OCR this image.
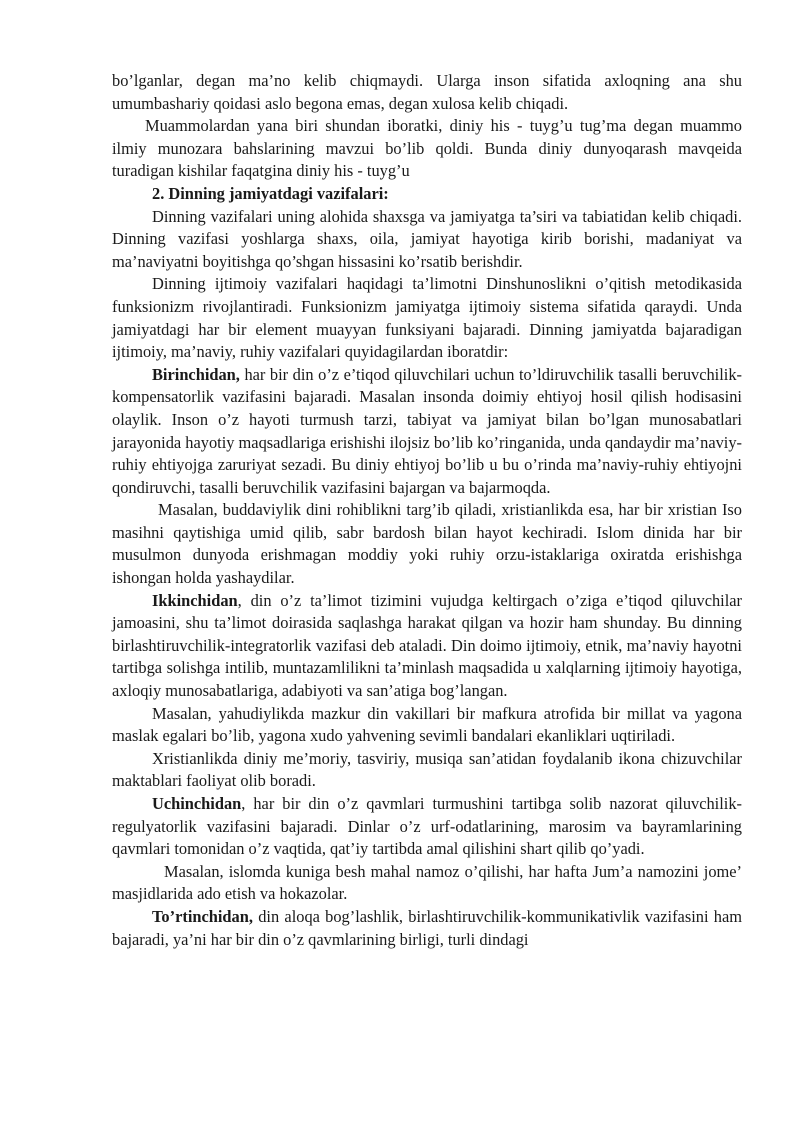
bo’lganlar, degan ma’no kelib chiqmaydi. Ularga inson sifatida axloqning ana shu umumbashariy qoidasi aslo begona emas, degan xulosa kelib chiqadi.

Muammolardan yana biri shundan iboratki, diniy his - tuyg’u tug’ma degan muammo ilmiy munozara bahslarining mavzui bo’lib qoldi. Bunda diniy dunyoqarash mavqeida turadigan kishilar faqatgina diniy his - tuyg’u

2. Dinning jamiyatdagi vazifalari:

Dinning vazifalari uning alohida shaxsga va jamiyatga ta’siri va tabiatidan kelib chiqadi. Dinning vazifasi yoshlarga shaxs, oila, jamiyat hayotiga kirib borishi, madaniyat va ma’naviyatni boyitishga qo’shgan hissasini ko’rsatib berishdir.

Dinning ijtimoiy vazifalari haqidagi ta’limotni Dinshunoslikni o’qitish metodikasida funksionizm rivojlantiradi. Funksionizm jamiyatga ijtimoiy sistema sifatida qaraydi. Unda jamiyatdagi har bir element muayyan funksiyani bajaradi. Dinning jamiyatda bajaradigan ijtimoiy, ma’naviy, ruhiy vazifalari quyidagilardan iboratdir:

Birinchidan, har bir din o’z e’tiqod qiluvchilari uchun to’ldiruvchilik tasalli beruvchilik-kompensatorlik vazifasini bajaradi. Masalan insonda doimiy ehtiyoj hosil qilish hodisasini olaylik. Inson o’z hayoti turmush tarzi, tabiyat va jamiyat bilan bo’lgan munosabatlari jarayonida hayotiy maqsadlariga erishishi ilojsiz bo’lib ko’ringanida, unda qandaydir ma’naviy-ruhiy ehtiyojga zaruriyat sezadi. Bu diniy ehtiyoj bo’lib u bu o’rinda ma’naviy-ruhiy ehtiyojni qondiruvchi, tasalli beruvchilik vazifasini bajargan va bajarmoqda.

Masalan, buddaviylik dini rohiblikni targ’ib qiladi, xristianlikda esa, har bir xristian Iso masihni qaytishiga umid qilib, sabr bardosh bilan hayot kechiradi. Islom dinida har bir musulmon dunyoda erishmagan moddiy yoki ruhiy orzu-istaklariga oxiratda erishishga ishongan holda yashaydilar.

Ikkinchidan, din o’z ta’limot tizimini vujudga keltirgach o’ziga e’tiqod qiluvchilar jamoasini, shu ta’limot doirasida saqlashga harakat qilgan va hozir ham shunday. Bu dinning birlashtiruvchilik-integratorlik vazifasi deb ataladi. Din doimo ijtimoiy, etnik, ma’naviy hayotni tartibga solishga intilib, muntazamlilikni ta’minlash maqsadida u xalqlarning ijtimoiy hayotiga, axloqiy munosabatlariga, adabiyoti va san’atiga bog’langan.

Masalan, yahudiylikda mazkur din vakillari bir mafkura atrofida bir millat va yagona maslak egalari bo’lib, yagona xudo yahvening sevimli bandalari ekanliklari uqtiriladi.

Xristianlikda diniy me’moriy, tasviriy, musiqa san’atidan foydalanib ikona chizuvchilar maktablari faoliyat olib boradi.

Uchinchidan, har bir din o’z qavmlari turmushini tartibga solib nazorat qiluvchilik-regulyatorlik vazifasini bajaradi. Dinlar o’z urf-odatlarining, marosim va bayramlarining qavmlari tomonidan o’z vaqtida, qat’iy tartibda amal qilishini shart qilib qo’yadi.

Masalan, islomda kuniga besh mahal namoz o’qilishi, har hafta Jum’a namozini jome’ masjidlarida ado etish va hokazolar.

To’rtinchidan, din aloqa bog’lashlik, birlashtiruvchilik-kommunikativlik vazifasini ham bajaradi, ya’ni har bir din o’z qavmlarining birligi, turli dindagi
